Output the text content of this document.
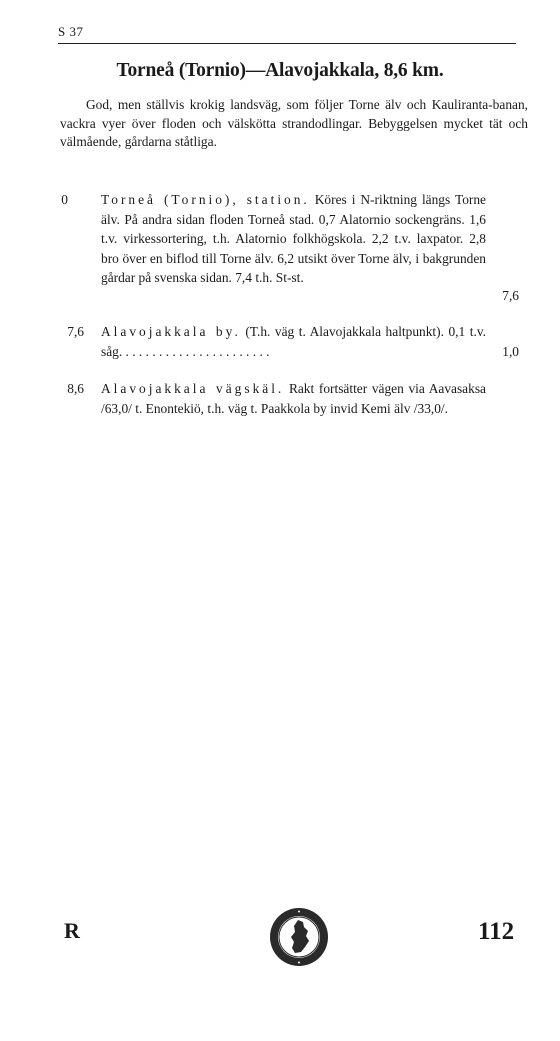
S 37
Torneå (Tornio)—Alavojakkala, 8,6 km.

God, men ställvis krokig landsväg, som följer Torne älv och Kauliranta-banan, vackra vyer över floden och välskötta strandodlingar. Bebyggelsen mycket tät och välmående, gårdarna ståtliga.

0 Torneå (Tornio), station. Köres i N-riktning längs Torne älv. På andra sidan floden Torneå stad. 0,7 Alatornio sockengräns. 1,6 t.v. virkessortering, t.h. Alatornio folkhögskola. 2,2 t.v. laxpator. 2,8 bro över en biflod till Torne älv. 6,2 utsikt över Torne älv, i bakgrunden gårdar på svenska sidan. 7,4 t.h. St-st.
7,6
7,6 Alavojakkala by. (T.h. väg t. Alavojakkala haltpunkt). 0,1 t.v. såg. . . . . . . . . . . . . . . . . . . . . . .	1,0
8,6 Alavojakkala vägskäl. Rakt fortsätter vägen via Aavasaksa /63,0/ t. Enontekiö, t.h. väg t. Paakkola by invid Kemi älv /33,0/.
R	112
